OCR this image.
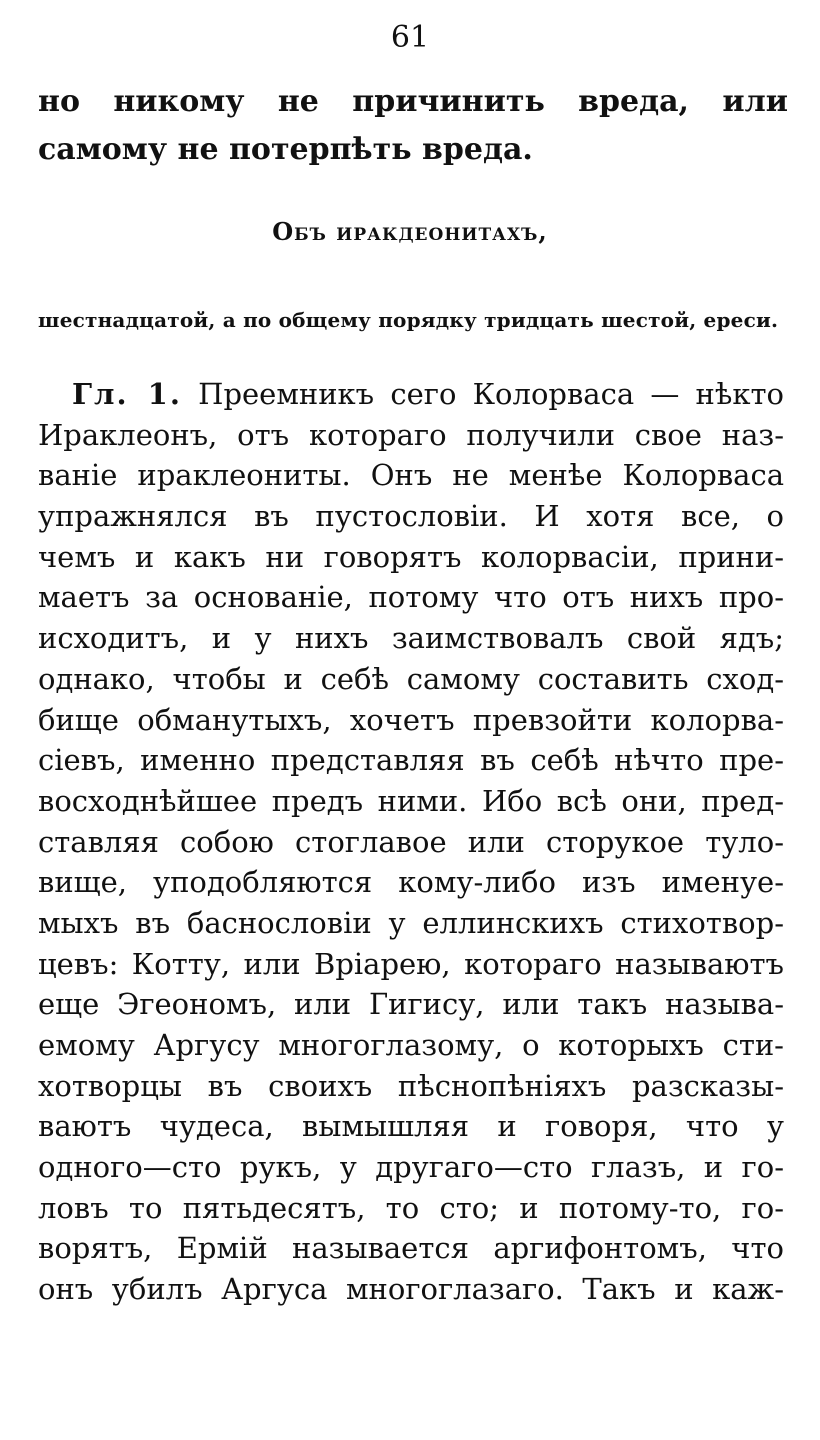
61
но никому не причинить вреда, или самому не потерпѣть вреда.
Объ иракдеонитахъ,
шестнадцатой, а по общему порядку тридцать шестой, ереси.
Гл. 1. Преемникъ сего Колорваса — нѣкто
Ираклеонъ, отъ котораго получили свое наз-
ваніе ираклеониты. Онъ не менѣе Колорваса
упражнялся въ пустословіи. И хотя все, о
чемъ и какъ ни говорятъ колорвасіи, прини-
маетъ за основаніе, потому что отъ нихъ про-
исходитъ, и у нихъ заимствовалъ свой ядъ;
однако, чтобы и себѣ самому составить сход-
бище обманутыхъ, хочетъ превзойти колорва-
сіевъ, именно представляя въ себѣ нѣчто пре-
восходнѣйшее предъ ними. Ибо всѣ они, пред-
ставляя собою стоглавое или сторукое туло-
вище, уподобляются кому-либо изъ именуе-
мыхъ въ баснословіи у еллинскихъ стихотвор-
цевъ: Котту, или Вріарею, котораго называютъ
еще Эгеономъ, или Гигису, или такъ называ-
емому Аргусу многоглазому, о которыхъ сти-
хотворцы въ своихъ пѣснопѣніяхъ разсказы-
ваютъ чудеса, вымышляя и говоря, что у
одного—сто рукъ, у другаго—сто глазъ, и го-
ловъ то пятьдесятъ, то сто; и потому-то, го-
ворятъ, Ермій называется аргифонтомъ, что
онъ убилъ Аргуса многоглазаго. Такъ и каж-
